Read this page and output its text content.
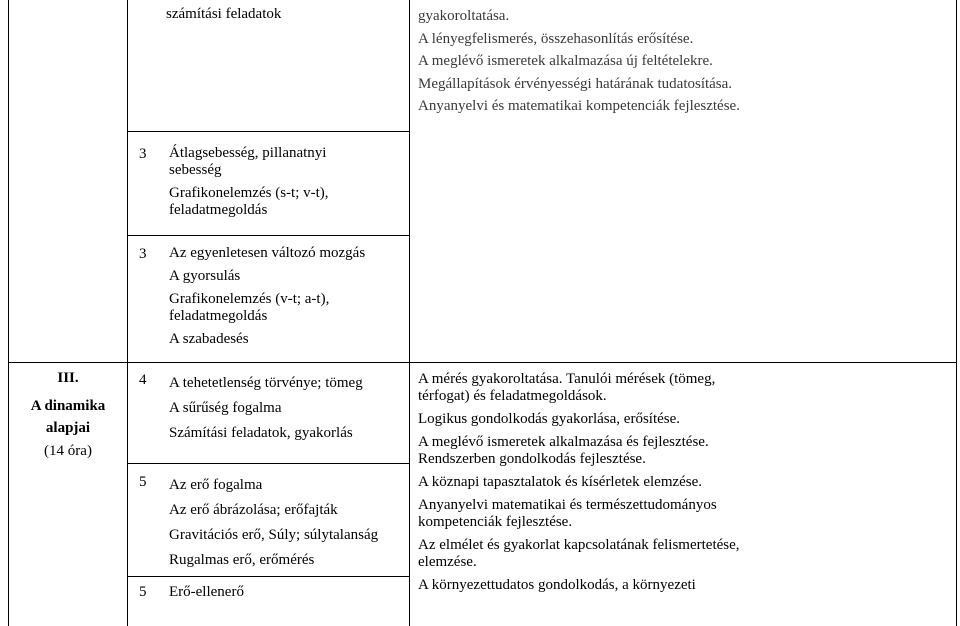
számítási feladatok	gyakoroltatása.
A lényegfelismerés, összehasonlítás erősítése.
A meglévő ismeretek alkalmazása új feltételekre.
Megállapítások érvényességi határának tudatosítása.
Anyanyelvi és matematikai kompetenciák fejlesztése.
3 Átlagsebesség, pillanatnyi
sebesség
Grafikonelemzés (s-t; v-t),
feladatmegoldás
3 Az egyenletesen változó mozgás
A gyorsulás
Grafikonelemzés (v-t; a-t),
feladatmegoldás
A szabadesés
III.
A dinamika
alapjai
(14 óra)
4 A tehetetlenség törvénye; tömeg
A sűrűség fogalma
Számítási feladatok, gyakorlás
5 Az erő fogalma
Az erő ábrázolása; erőfajták
Gravitációs erő, Súly; súlytalanság
Rugalmas erő, erőmérés
5 Erő-ellenerő
A mérés gyakoroltatása. Tanulói mérések (tömeg,
térfogat) és feladatmegoldások.
Logikus gondolkodás gyakorlása, erősítése.
A meglévő ismeretek alkalmazása és fejlesztése.
Rendszerben gondolkodás fejlesztése.
A köznapi tapasztalatok és kísérletek elemzése.
Anyanyelvi matematikai és természettudományos
kompetenciák fejlesztése.
Az elmélet és gyakorlat kapcsolatának felismertetése,
elemzése.
A környezettudatos gondolkodás, a környezeti
